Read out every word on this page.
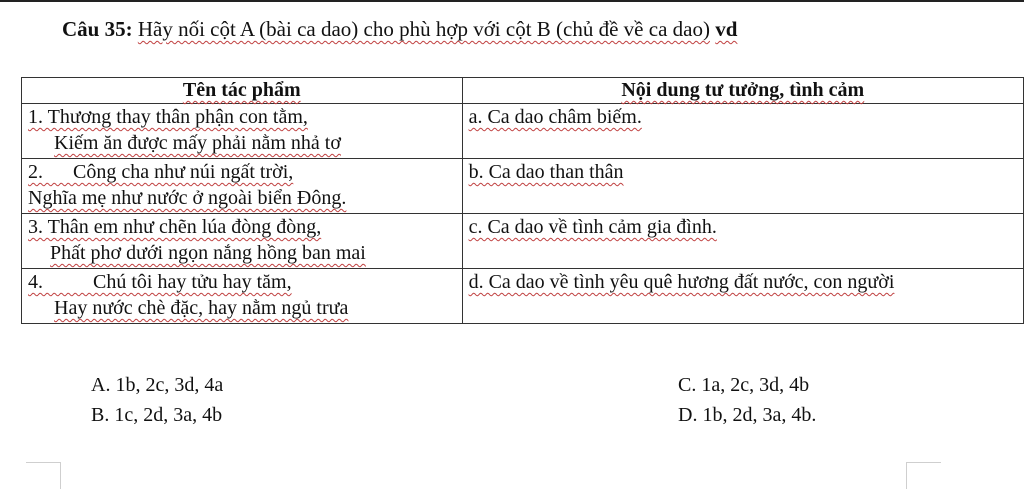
Câu 35: Hãy nối cột A (bài ca dao) cho phù hợp với cột B (chủ đề về ca dao) vd
Tên tác phẩm	Nội dung tư tưởng, tình cảm

1. Thương thay thân phận con tằm,
Kiếm ăn được mấy phải nằm nhả tơ	a. Ca dao châm biếm.

2.      Công cha như núi ngất trời,
Nghĩa mẹ như nước ở ngoài biển Đông.	b. Ca dao than thân

3. Thân em như chẽn lúa đòng đòng,
Phất phơ dưới ngọn nắng hồng ban mai	c. Ca dao về tình cảm gia đình.

4.          Chú tôi hay tửu hay tăm,
Hay nước chè đặc, hay nằm ngủ trưa	d. Ca dao về tình yêu quê hương đất nước, con người
A. 1b, 2c, 3d, 4a
B. 1c, 2d, 3a, 4b
C. 1a, 2c, 3d, 4b
D. 1b, 2d, 3a, 4b.
